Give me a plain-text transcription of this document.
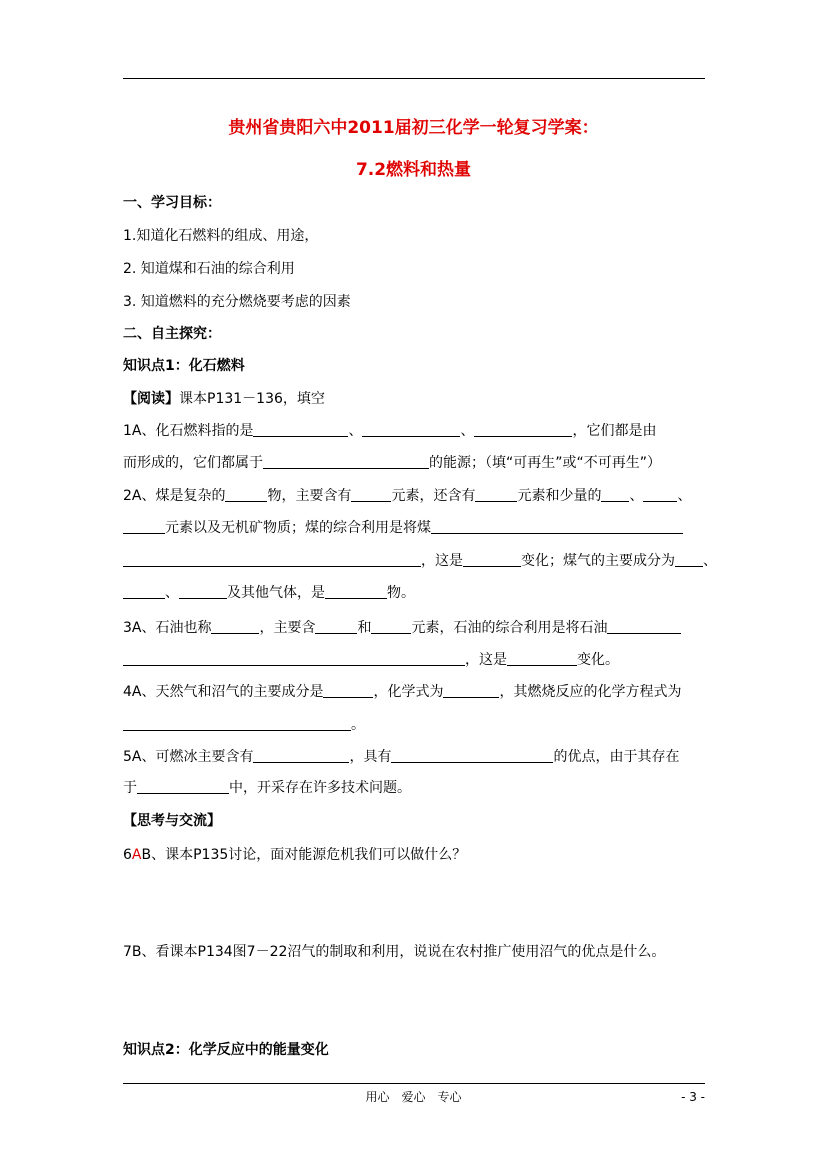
贵州省贵阳六中2011届初三化学一轮复习学案：
7.2燃料和热量
一、学习目标：
1.知道化石燃料的组成、用途，
2. 知道煤和石油的综合利用
3. 知道燃料的充分燃烧要考虑的因素
二、自主探究：
知识点1：化石燃料
【阅读】课本P131－136，填空
1A、化石燃料指的是	、	、	，它们都是由
而形成的，它们都属于	的能源；（填“可再生”或“不可再生”）
2A、煤是复杂的	物，主要含有	元素，还含有	元素和少量的 、 、
元素以及无机矿物质；煤的综合利用是将煤
，这是	变化；煤气的主要成分为 、
、	及其他气体，是	物。
3A、石油也称	，主要含	和	元素，石油的综合利用是将石油
，这是	变化。
4A、天然气和沼气的主要成分是	，化学式为	，其燃烧反应的化学方程式为
。
5A、可燃冰主要含有	，具有	的优点，由于其存在
于	中，开采存在许多技术问题。
【思考与交流】
6AB、课本P135讨论，面对能源危机我们可以做什么？
7B、看课本P134图7－22沼气的制取和利用，说说在农村推广使用沼气的优点是什么。
知识点2：化学反应中的能量变化
用心　爱心　专心	- 3 -
